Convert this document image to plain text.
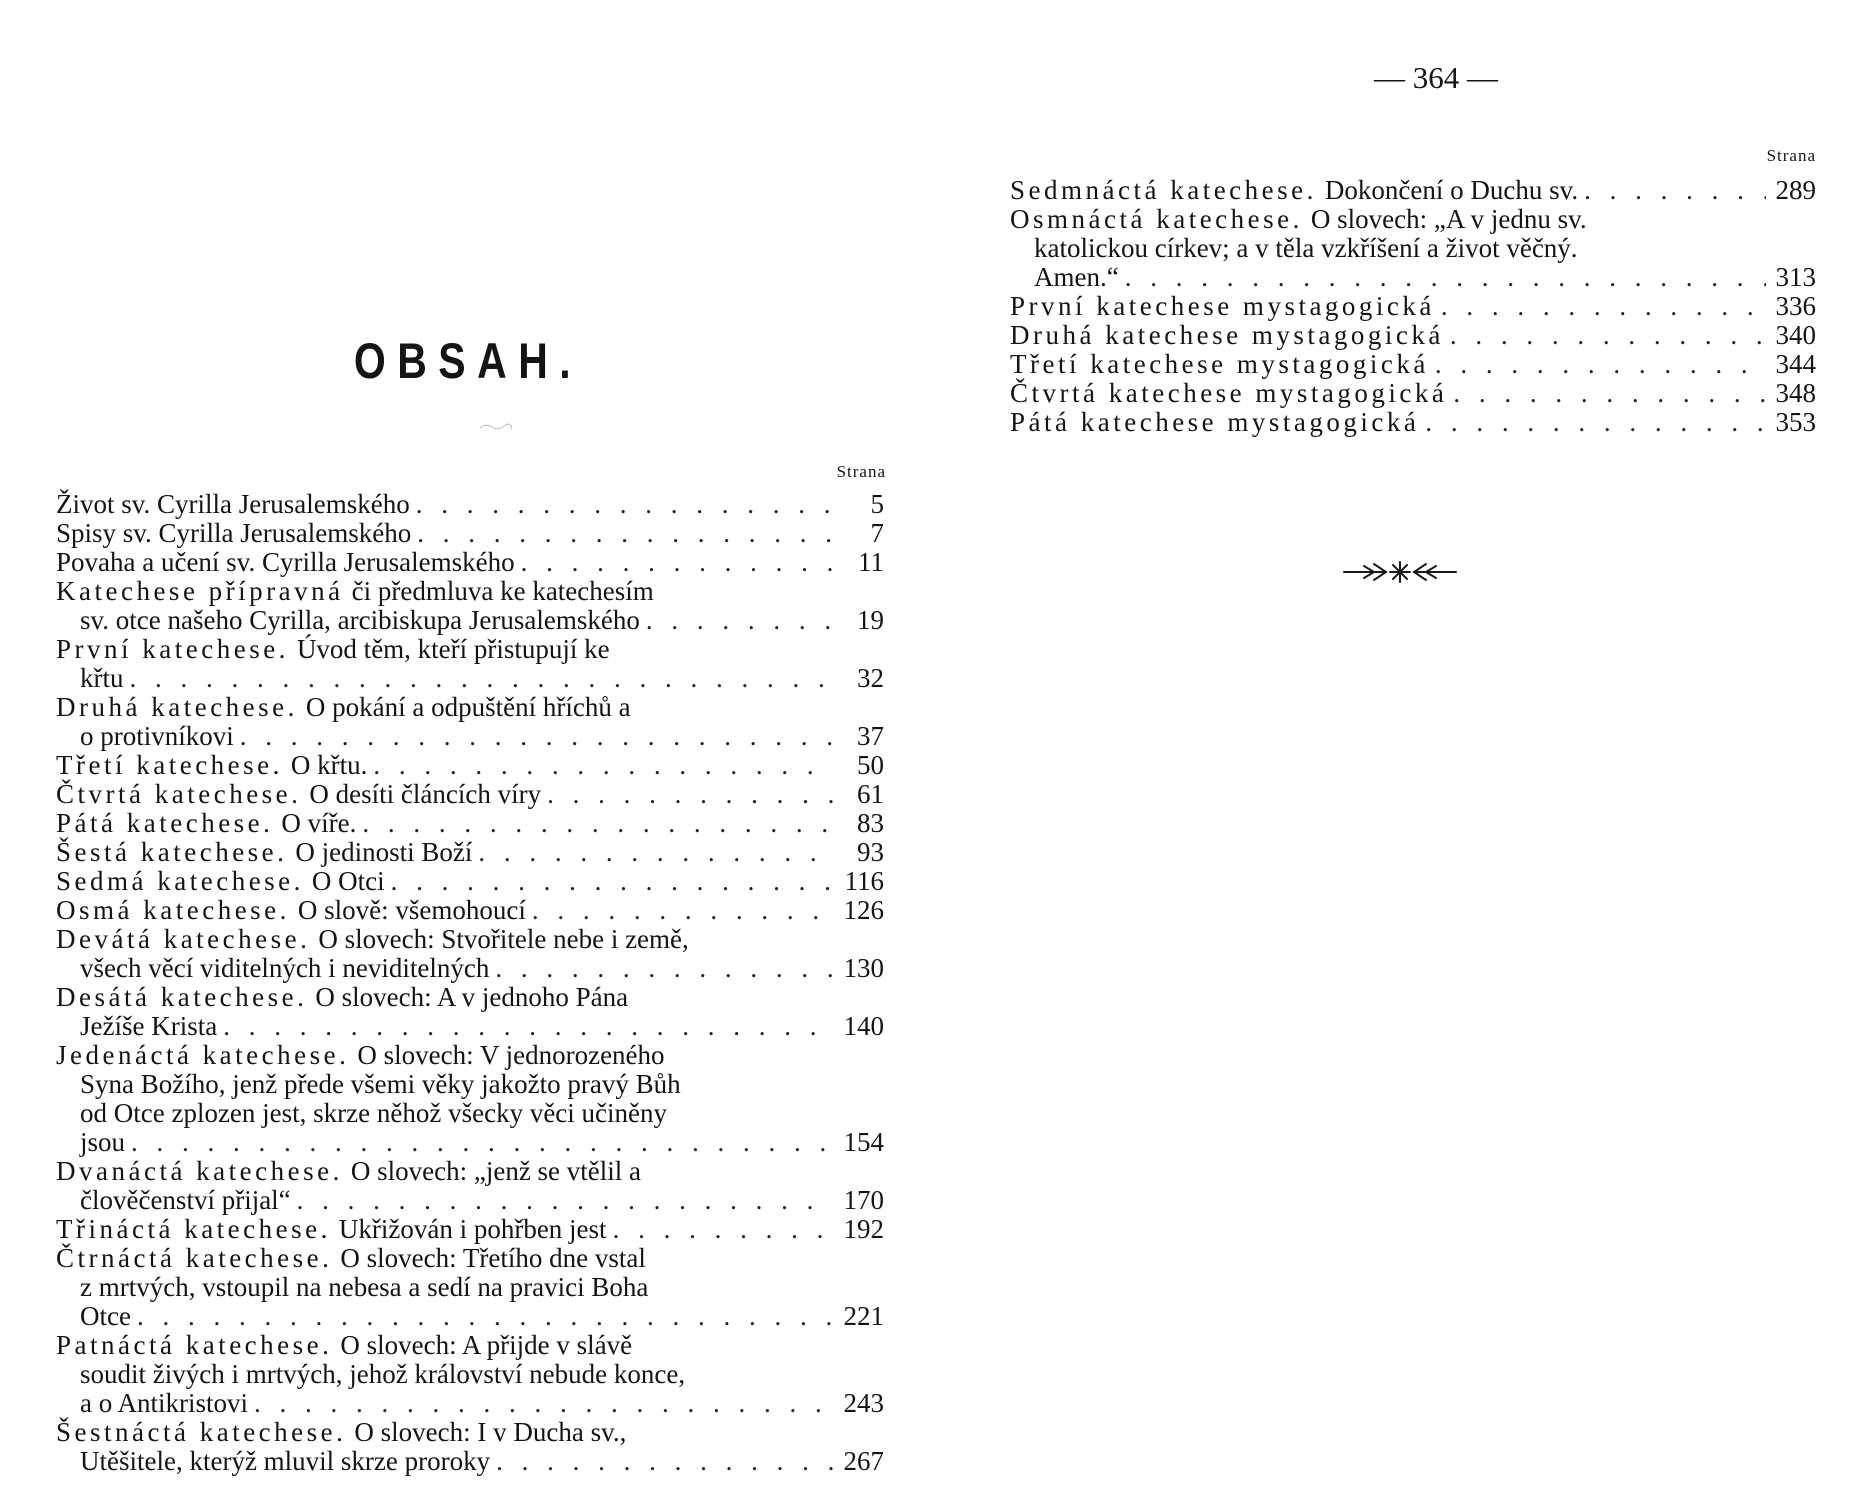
OBSAH.
Strana
Život sv. Cyrilla Jerusalemského . . .	5
Spisy sv. Cyrilla Jerusalemského . . .	7
Povaha a učení sv. Cyrilla Jerusalemského . . .	11
Katechese přípravná či předmluva ke katechesím
sv. otce našeho Cyrilla, arcibiskupa Jerusalemského . . .	19
První katechese. Úvod těm, kteří přistupují ke
křtu . . .	32
Druhá katechese. O pokání a odpuštění hříchů a
o protivníkovi . . .	37
Třetí katechese. O křtu. . . .	50
Čtvrtá katechese. O desíti článcích víry . . .	61
Pátá katechese. O víře. . . .	83
Šestá katechese. O jedinosti Boží . . .	93
Sedmá katechese. O Otci . . .	116
Osmá katechese. O slově: všemohoucí . . .	126
Devátá katechese. O slovech: Stvořitele nebe i země,
všech věcí viditelných i neviditelných . . .	130
Desátá katechese. O slovech: A v jednoho Pána
Ježíše Krista . . .	140
Jedenáctá katechese. O slovech: V jednorozeného
Syna Božího, jenž přede všemi věky jakožto pravý Bůh
od Otce zplozen jest, skrze něhož všecky věci učiněny
jsou . . .	154
Dvanáctá katechese. O slovech: „jenž se vtělil a
člověčenství přijal“ . . .	170
Třináctá katechese. Ukřižován i pohřben jest . . .	192
Čtrnáctá katechese. O slovech: Třetího dne vstal
z mrtvých, vstoupil na nebesa a sedí na pravici Boha
Otce . . .	221
Patnáctá katechese. O slovech: A přijde v slávě
soudit živých i mrtvých, jehož království nebude konce,
a o Antikristovi . . .	243
Šestnáctá katechese. O slovech: I v Ducha sv.,
Utěšitele, kterýž mluvil skrze proroky . . .	267
— 364 —
Strana
Sedmnáctá katechese. Dokončení o Duchu sv. . . .	289
Osmnáctá katechese. O slovech: „A v jednu sv.
katolickou církev; a v těla vzkříšení a život věčný.
Amen.“ . . .	313
První katechese mystagogická . . .	336
Druhá katechese mystagogická . . .	340
Třetí katechese mystagogická . . .	344
Čtvrtá katechese mystagogická . . .	348
Pátá katechese mystagogická . . .	353
